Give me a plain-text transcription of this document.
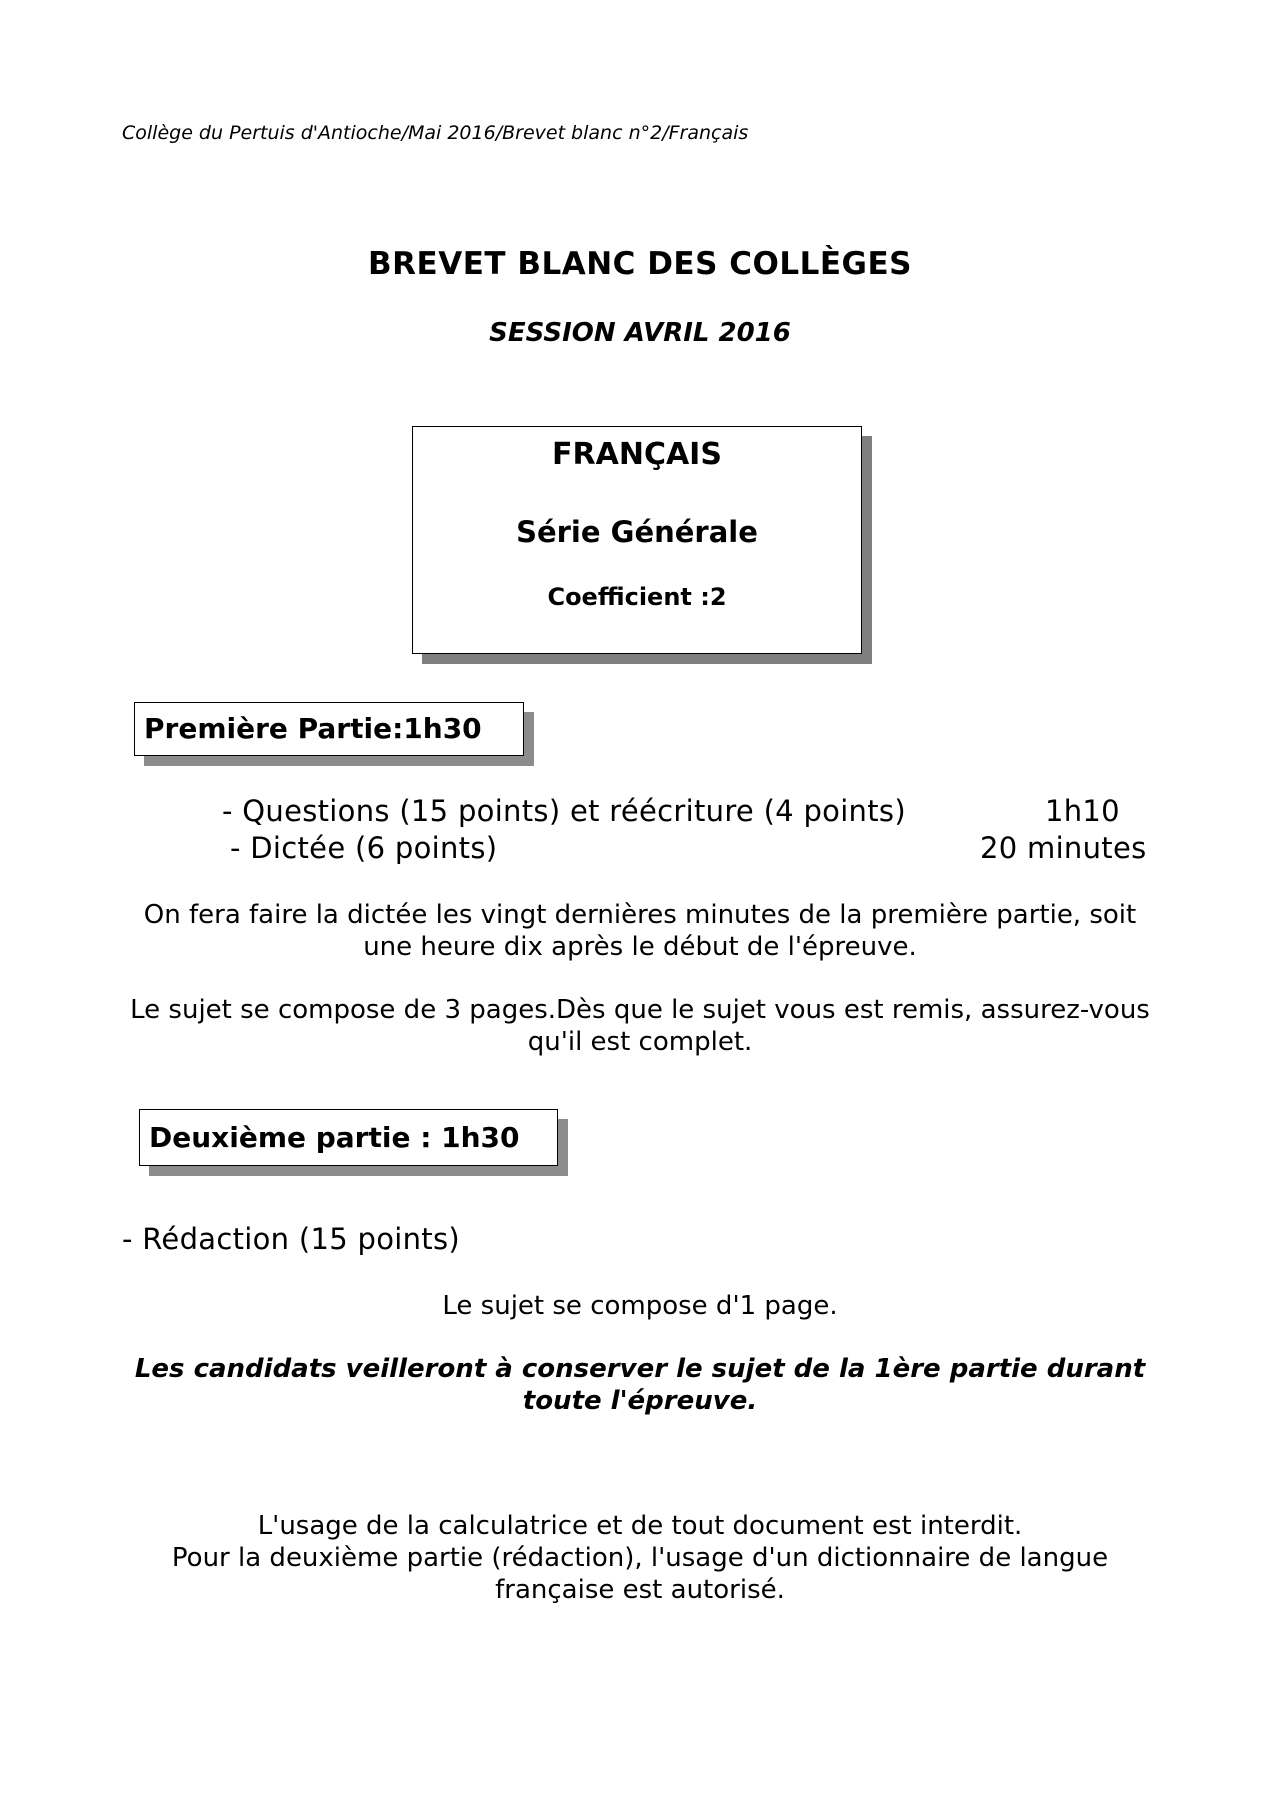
Collège du Pertuis d'Antioche/Mai 2016/Brevet blanc n°2/Français
BREVET BLANC DES COLLÈGES
SESSION AVRIL 2016
FRANÇAIS
Série Générale
Coefficient :2
Première Partie:1h30
- Questions (15 points) et réécriture (4 points)	1h10
- Dictée (6 points)	20 minutes
On fera faire la dictée les vingt dernières minutes de la première partie, soit
une heure dix après le début de l'épreuve.
Le sujet se compose de 3 pages.Dès que le sujet vous est remis, assurez-vous
qu'il est complet.
Deuxième partie : 1h30
- Rédaction (15 points)
Le sujet se compose d'1 page.
Les candidats veilleront à conserver le sujet de la 1ère partie durant
toute l'épreuve.
L'usage de la calculatrice et de tout document est interdit.
Pour la deuxième partie (rédaction), l'usage d'un dictionnaire de langue
française est autorisé.
